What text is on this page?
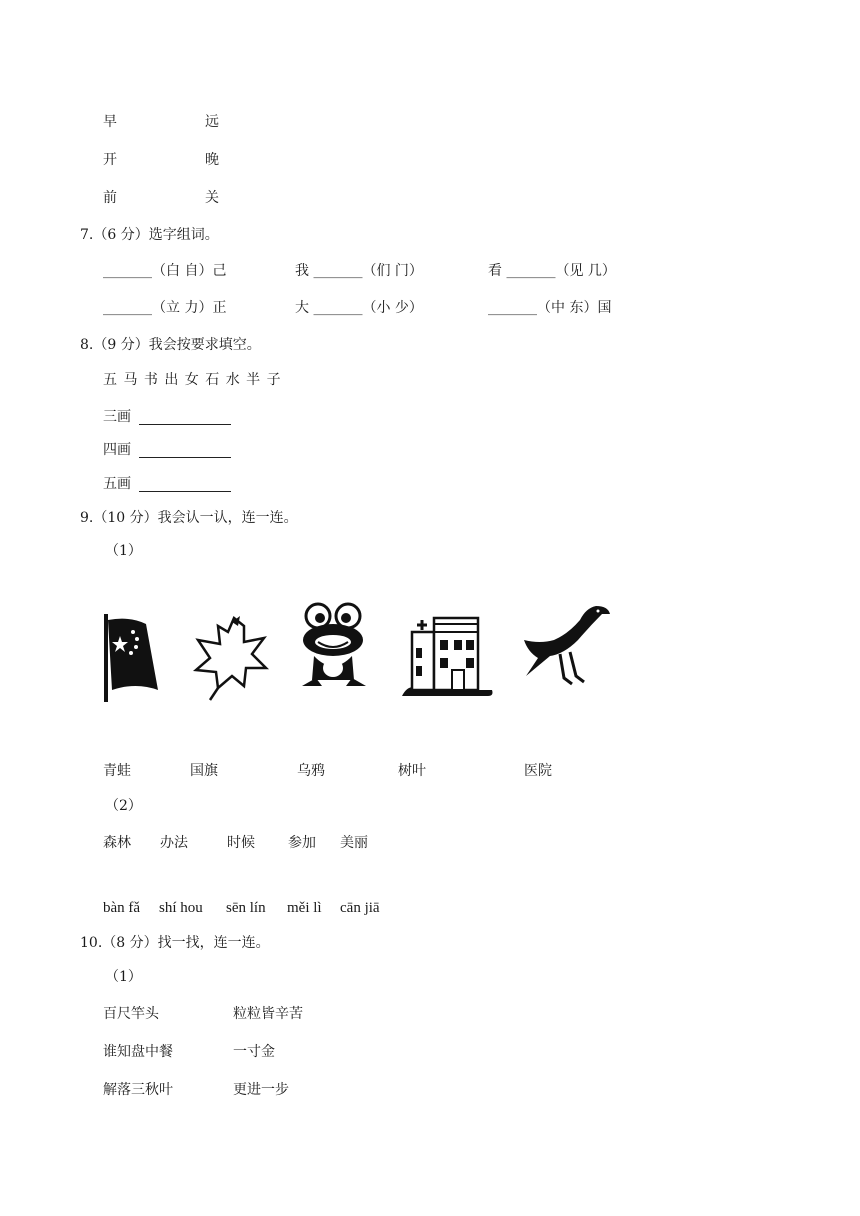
早	远
开	晚
前	关
7.（6 分）选字组词。
_______（白 自）己	我 _______（们 门）	看 _______（见 几）
_______（立 力）正	大 _______（小 少）	_______（中 东）国
8.（9 分）我会按要求填空。
五 马 书 出 女 石 水 半 子
三画
四画
五画
9.（10 分）我会认一认，连一连。
（1）
青蛙	国旗	乌鸦	树叶	医院
（2）
森林 办法	时候 参加 美丽
bàn fǎ shí hou sēn lín měi lì cān jiā
10.（8 分）找一找，连一连。
（1）
百尺竿头	粒粒皆辛苦
谁知盘中餐	一寸金
解落三秋叶	更进一步
